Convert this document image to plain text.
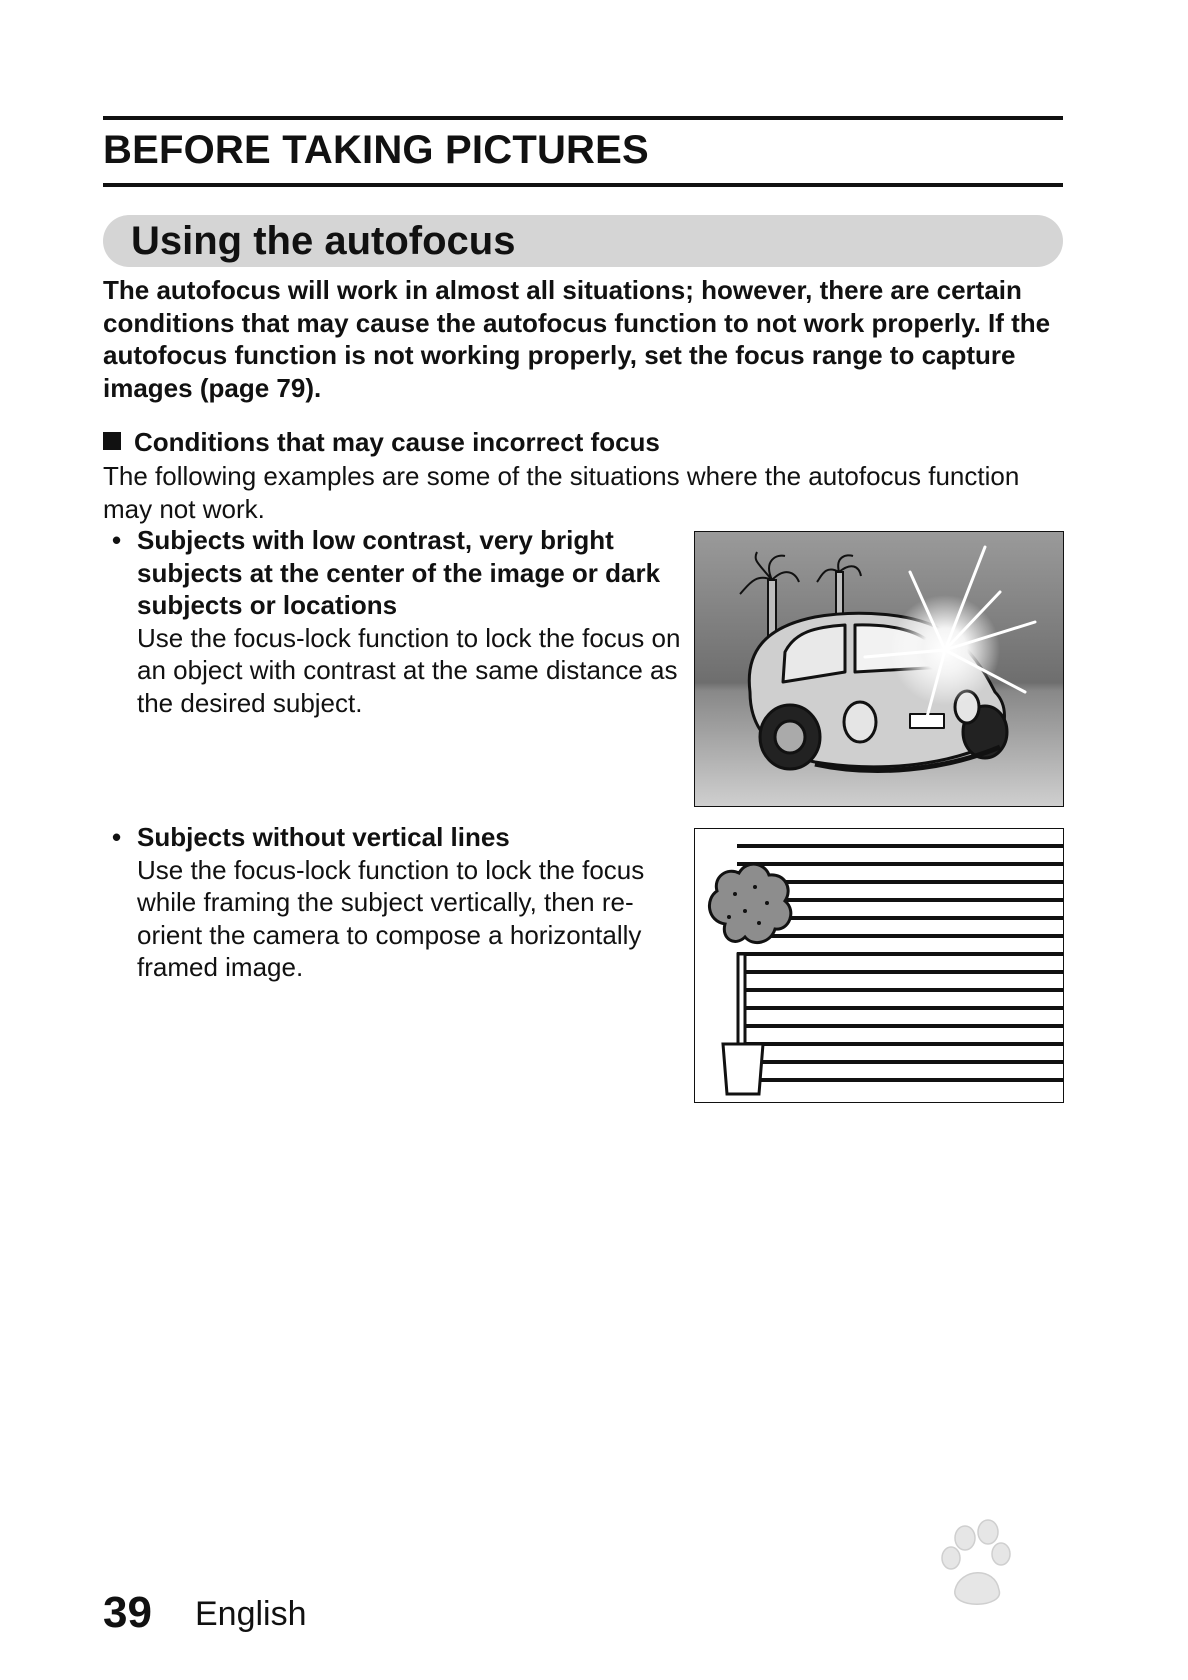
BEFORE TAKING PICTURES
Using the autofocus
The autofocus will work in almost all situations; however, there are certain conditions that may cause the autofocus function to not work properly. If the autofocus function is not working properly, set the focus range to capture images (page 79).
Conditions that may cause incorrect focus
The following examples are some of the situations where the autofocus function may not work.
• Subjects with low contrast, very bright subjects at the center of the image or dark subjects or locations
Use the focus-lock function to lock the focus on an object with contrast at the same distance as the desired subject.
• Subjects without vertical lines
Use the focus-lock function to lock the focus while framing the subject vertically, then re-orient the camera to compose a horizontally framed image.
39 English
